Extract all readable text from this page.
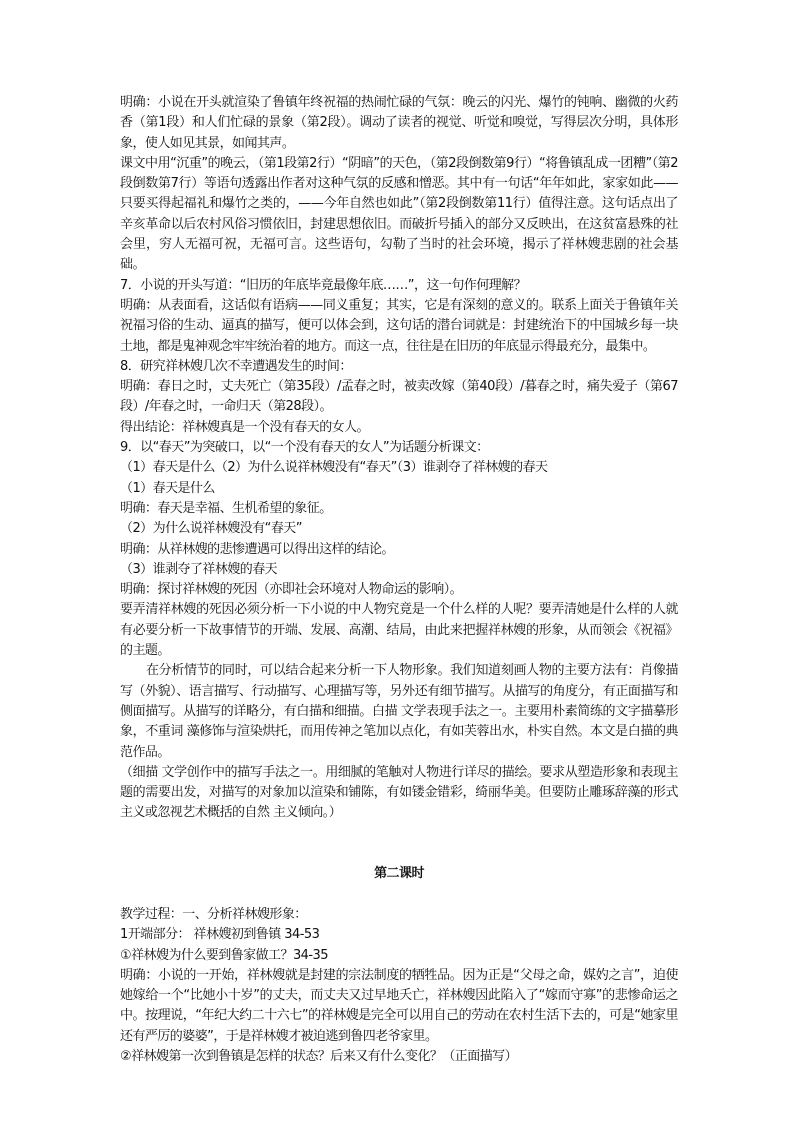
明确：小说在开头就渲染了鲁镇年终祝福的热闹忙碌的气氛：晚云的闪光、爆竹的钝响、幽微的火药香（第1段）和人们忙碌的景象（第2段）。调动了读者的视觉、听觉和嗅觉，写得层次分明，具体形象，使人如见其景，如闻其声。

课文中用“沉重”的晚云，（第1段第2行）“阴暗”的天色，（第2段倒数第9行）“将鲁镇乱成一团糟”（第2段倒数第7行）等语句透露出作者对这种气氛的反感和憎恶。其中有一句话“年年如此，家家如此——只要买得起福礼和爆竹之类的，——今年自然也如此”（第2段倒数第11行）值得注意。这句话点出了辛亥革命以后农村风俗习惯依旧，封建思想依旧。而破折号插入的部分又反映出，在这贫富悬殊的社会里，穷人无福可祝，无福可言。这些语句，勾勒了当时的社会环境，揭示了祥林嫂悲剧的社会基础。

7．小说的开头写道：“旧历的年底毕竟最像年底……”，这一句作何理解？

明确：从表面看，这话似有语病——同义重复；其实，它是有深刻的意义的。联系上面关于鲁镇年关祝福习俗的生动、逼真的描写，便可以体会到，这句话的潜台词就是：封建统治下的中国城乡每一块土地，都是鬼神观念牢牢统治着的地方。而这一点，往往是在旧历的年底显示得最充分，最集中。

8．研究祥林嫂几次不幸遭遇发生的时间：

明确：春日之时，丈夫死亡（第35段）/孟春之时，被卖改嫁（第40段）/暮春之时，痛失爱子（第67段）/年春之时，一命归天（第28段）。

得出结论：祥林嫂真是一个没有春天的女人。

9．以“春天”为突破口，以“一个没有春天的女人”为话题分析课文：

（1）春天是什么（2）为什么说祥林嫂没有“春天”（3）谁剥夺了祥林嫂的春天

（1）春天是什么

明确：春天是幸福、生机希望的象征。

（2）为什么说祥林嫂没有“春天”

明确：从祥林嫂的悲惨遭遇可以得出这样的结论。

（3）谁剥夺了祥林嫂的春天

明确：探讨祥林嫂的死因（亦即社会环境对人物命运的影响）。

要弄清祥林嫂的死因必须分析一下小说的中人物究竟是一个什么样的人呢？要弄清她是什么样的人就有必要分析一下故事情节的开端、发展、高潮、结局，由此来把握祥林嫂的形象，从而领会《祝福》的主题。

在分析情节的同时，可以结合起来分析一下人物形象。我们知道刻画人物的主要方法有：肖像描写（外貌）、语言描写、行动描写、心理描写等，另外还有细节描写。从描写的角度分，有正面描写和侧面描写。从描写的详略分，有白描和细描。白描 文学表现手法之一。主要用朴素简练的文字描摹形象，不重词 藻修饰与渲染烘托，而用传神之笔加以点化，有如芙蓉出水，朴实自然。本文是白描的典范作品。

（细描 文学创作中的描写手法之一。用细腻的笔触对人物进行详尽的描绘。要求从塑造形象和表现主题的需要出发，对描写的对象加以渲染和铺陈，有如镂金错彩，绮丽华美。但要防止雕琢辞藻的形式主义或忽视艺术概括的自然 主义倾向。）

第二课时

教学过程：一、分析祥林嫂形象：

1开端部分： 祥林嫂初到鲁镇 34-53

①祥林嫂为什么要到鲁家做工？34-35

明确：小说的一开始，祥林嫂就是封建的宗法制度的牺牲品。因为正是“父母之命，媒妁之言”，迫使她嫁给一个“比她小十岁”的丈夫，而丈夫又过早地夭亡，祥林嫂因此陷入了“嫁而守寡”的悲惨命运之中。按理说，“年纪大约二十六七”的祥林嫂是完全可以用自己的劳动在农村生活下去的，可是“她家里还有严厉的婆婆”，于是祥林嫂才被迫逃到鲁四老爷家里。

②祥林嫂第一次到鲁镇是怎样的状态？后来又有什么变化？（正面描写）
